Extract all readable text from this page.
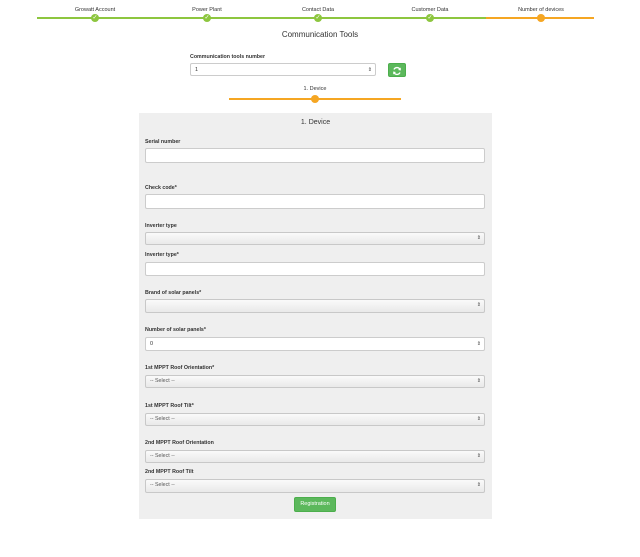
Growatt Account
✓
Power Plant
✓
Contact Data
✓
Customer Data
✓
Number of devices
Communication Tools
Communication tools number
1	⇕
1. Device
1. Device
Serial number
Check code*
Inverter type
⇕
Inverter type*
Brand of solar panels*
⇕
Number of solar panels*
0	⇕
1st MPPT Roof Orientation*
-- Select --	⇕
1st MPPT Roof Tilt*
-- Select --	⇕
2nd MPPT Roof Orientation
-- Select --	⇕
2nd MPPT Roof Tilt
-- Select --	⇕
Registration
